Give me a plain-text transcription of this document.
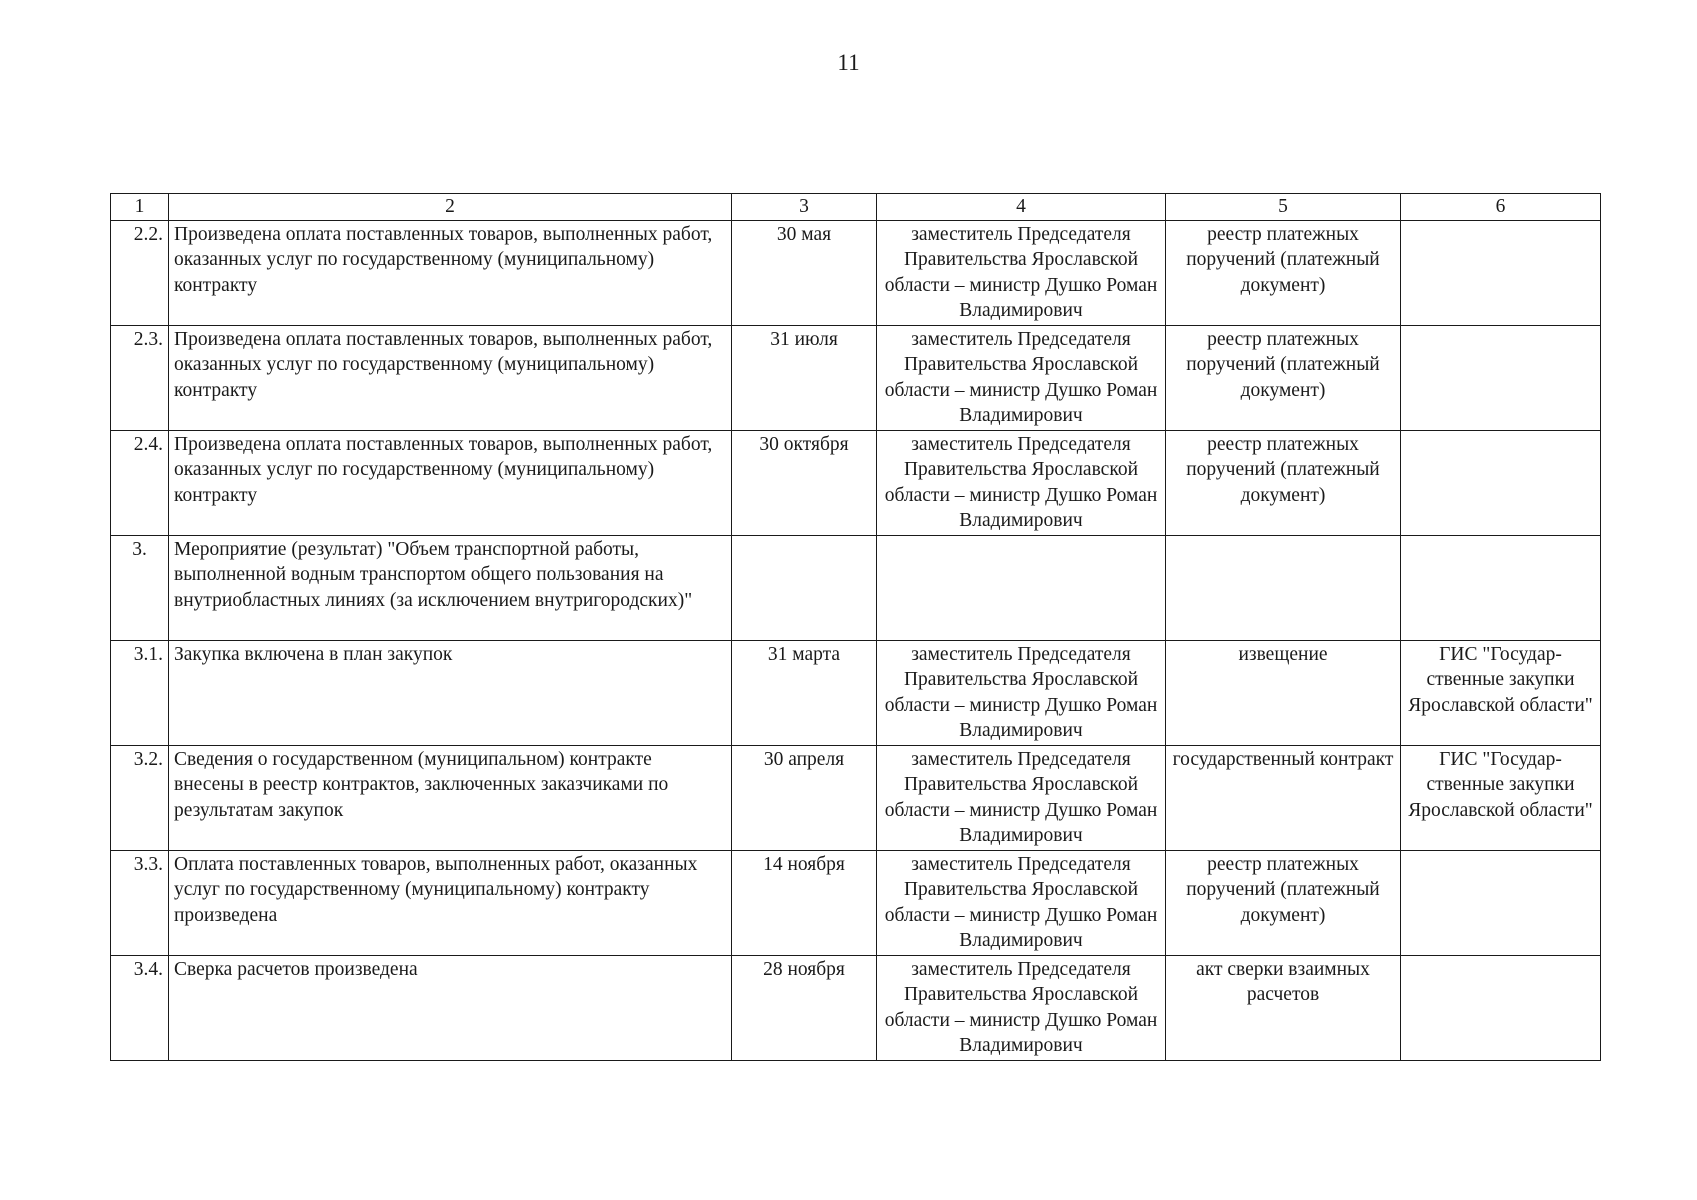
11
1	2	3	4	5	6
2.2.	Произведена оплата поставленных товаров, выполненных работ, оказанных услуг по государственному (муниципальному) контракту	30 мая	заместитель Председателя Правительства Ярославской области – министр Душко Роман Владимирович	реестр платежных поручений (платежный документ)	
2.3.	Произведена оплата поставленных товаров, выполненных работ, оказанных услуг по государственному (муниципальному) контракту	31 июля	заместитель Председателя Правительства Ярославской области – министр Душко Роман Владимирович	реестр платежных поручений (платежный документ)	
2.4.	Произведена оплата поставленных товаров, выполненных работ, оказанных услуг по государственному (муниципальному) контракту	30 октября	заместитель Председателя Правительства Ярославской области – министр Душко Роман Владимирович	реестр платежных поручений (платежный документ)	
3.	Мероприятие (результат) "Объем транспортной работы, выполненной водным транспортом общего пользования на внутриобластных линиях (за исключением внутригородских)"				
3.1.	Закупка включена в план закупок	31 марта	заместитель Председателя Правительства Ярославской области – министр Душко Роман Владимирович	извещение	ГИС "Государ-ственные закупки Ярославской области"
3.2.	Сведения о государственном (муниципальном) контракте внесены в реестр контрактов, заключенных заказчиками по результатам закупок	30 апреля	заместитель Председателя Правительства Ярославской области – министр Душко Роман Владимирович	государственный контракт	ГИС "Государ-ственные закупки Ярославской области"
3.3.	Оплата поставленных товаров, выполненных работ, оказанных услуг по государственному (муниципальному) контракту произведена	14 ноября	заместитель Председателя Правительства Ярославской области – министр Душко Роман Владимирович	реестр платежных поручений (платежный документ)	
3.4.	Сверка расчетов произведена	28 ноября	заместитель Председателя Правительства Ярославской области – министр Душко Роман Владимирович	акт сверки взаимных расчетов	
